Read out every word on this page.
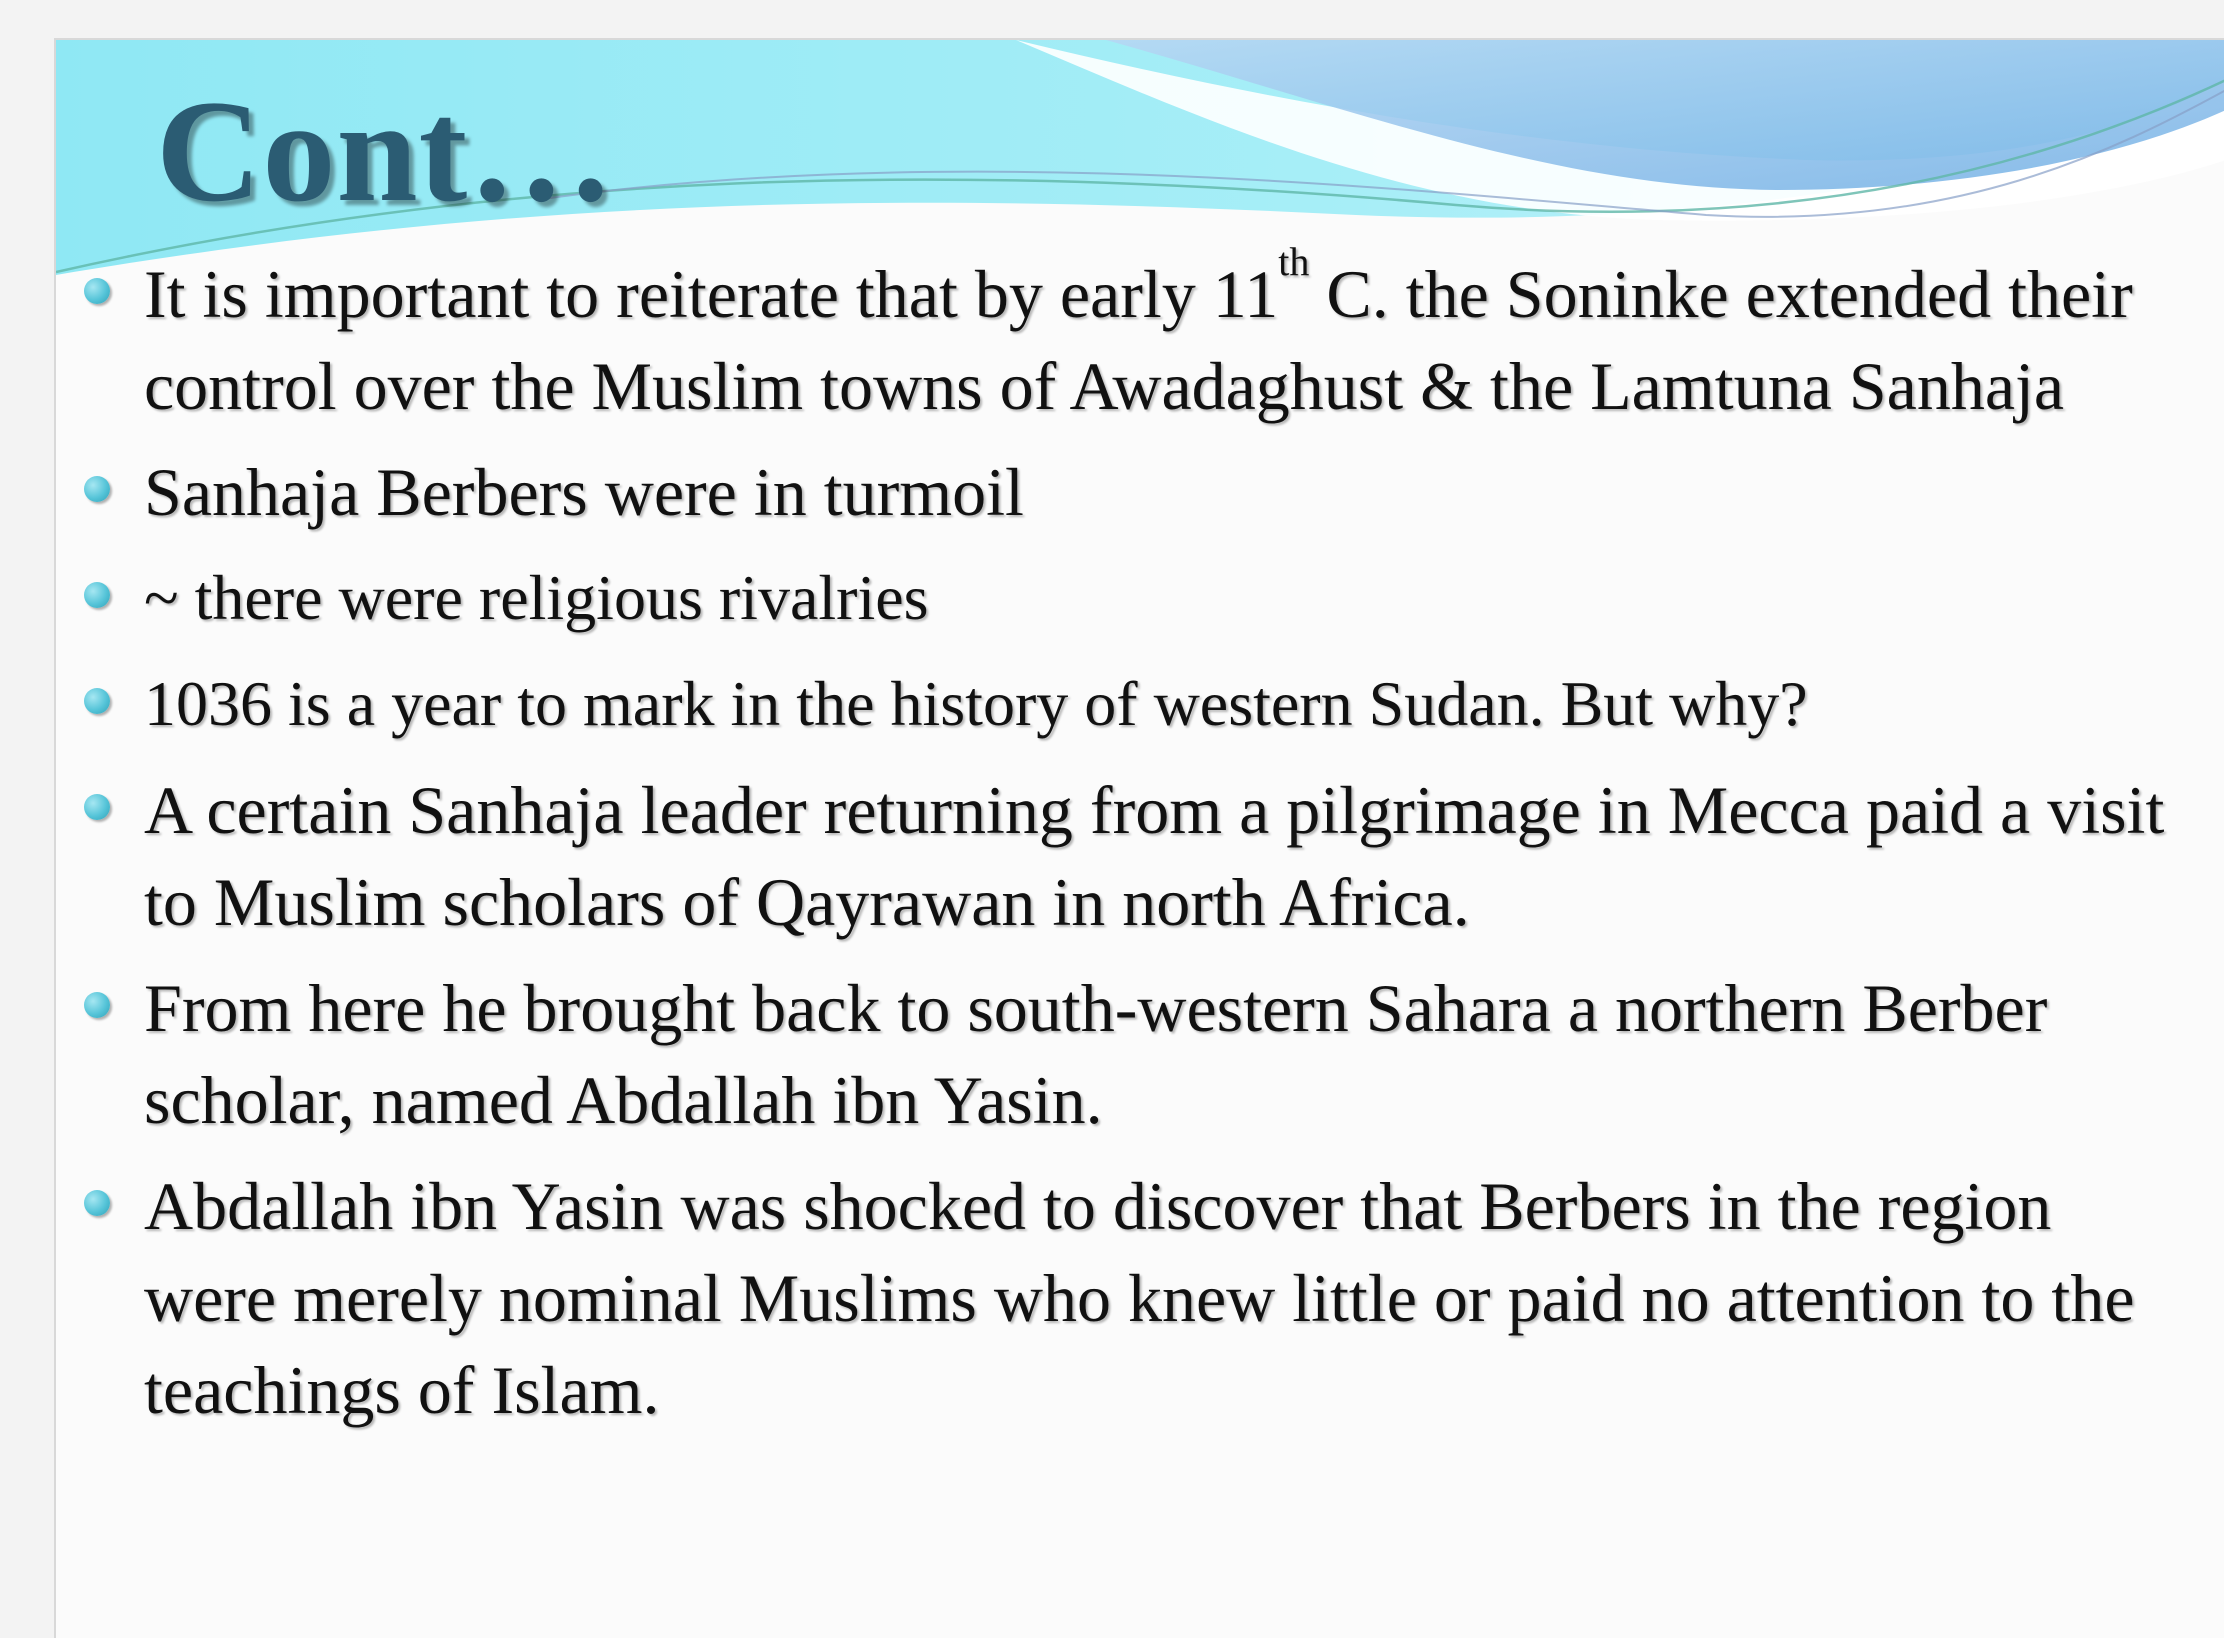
Cont…
It is important to reiterate that by early 11th C. the Soninke extended their control over the Muslim towns of Awadaghust & the Lamtuna Sanhaja
Sanhaja Berbers were in turmoil
~ there were religious rivalries
1036 is a year to mark in the history of western Sudan. But why?
A certain Sanhaja leader returning from a pilgrimage in Mecca paid a visit to Muslim scholars of Qayrawan in north Africa.
From here he brought back to south-western Sahara a northern Berber scholar, named Abdallah ibn Yasin.
Abdallah ibn Yasin was shocked to discover that Berbers in the region were merely nominal Muslims who knew little or paid no attention to the teachings of Islam.
